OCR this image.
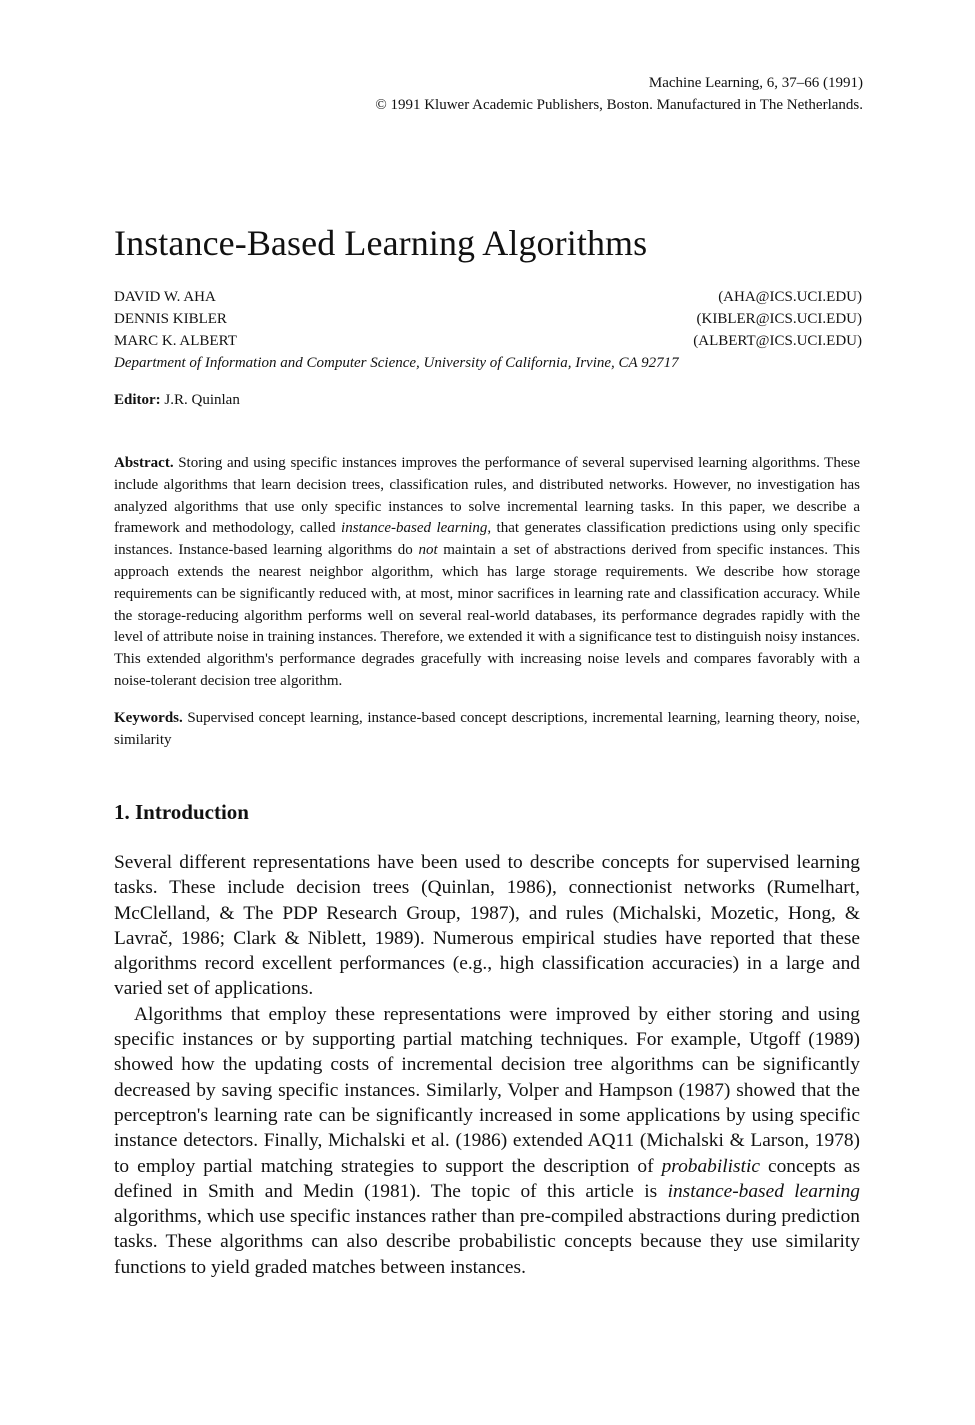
Machine Learning, 6, 37–66 (1991)
© 1991 Kluwer Academic Publishers, Boston. Manufactured in The Netherlands.
Instance-Based Learning Algorithms
DAVID W. AHA	(AHA@ICS.UCI.EDU)
DENNIS KIBLER	(KIBLER@ICS.UCI.EDU)
MARC K. ALBERT	(ALBERT@ICS.UCI.EDU)
Department of Information and Computer Science, University of California, Irvine, CA 92717
Editor: J.R. Quinlan

Abstract. Storing and using specific instances improves the performance of several supervised learning algorithms. These include algorithms that learn decision trees, classification rules, and distributed networks. However, no investigation has analyzed algorithms that use only specific instances to solve incremental learning tasks. In this paper, we describe a framework and methodology, called instance-based learning, that generates classification predictions using only specific instances. Instance-based learning algorithms do not maintain a set of abstractions derived from specific instances. This approach extends the nearest neighbor algorithm, which has large storage requirements. We describe how storage requirements can be significantly reduced with, at most, minor sacrifices in learning rate and classification accuracy. While the storage-reducing algorithm performs well on several real-world databases, its performance degrades rapidly with the level of attribute noise in training instances. Therefore, we extended it with a significance test to distinguish noisy instances. This extended algorithm's performance degrades gracefully with increasing noise levels and compares favorably with a noise-tolerant decision tree algorithm.

Keywords. Supervised concept learning, instance-based concept descriptions, incremental learning, learning theory, noise, similarity

1. Introduction

Several different representations have been used to describe concepts for supervised learning tasks. These include decision trees (Quinlan, 1986), connectionist networks (Rumelhart, McClelland, & The PDP Research Group, 1987), and rules (Michalski, Mozetic, Hong, & Lavrač, 1986; Clark & Niblett, 1989). Numerous empirical studies have reported that these algorithms record excellent performances (e.g., high classification accuracies) in a large and varied set of applications.

Algorithms that employ these representations were improved by either storing and using specific instances or by supporting partial matching techniques. For example, Utgoff (1989) showed how the updating costs of incremental decision tree algorithms can be significantly decreased by saving specific instances. Similarly, Volper and Hampson (1987) showed that the perceptron's learning rate can be significantly increased in some applications by using specific instance detectors. Finally, Michalski et al. (1986) extended AQ11 (Michalski & Larson, 1978) to employ partial matching strategies to support the description of probabilistic concepts as defined in Smith and Medin (1981). The topic of this article is instance-based learning algorithms, which use specific instances rather than pre-compiled abstractions during prediction tasks. These algorithms can also describe probabilistic concepts because they use similarity functions to yield graded matches between instances.
